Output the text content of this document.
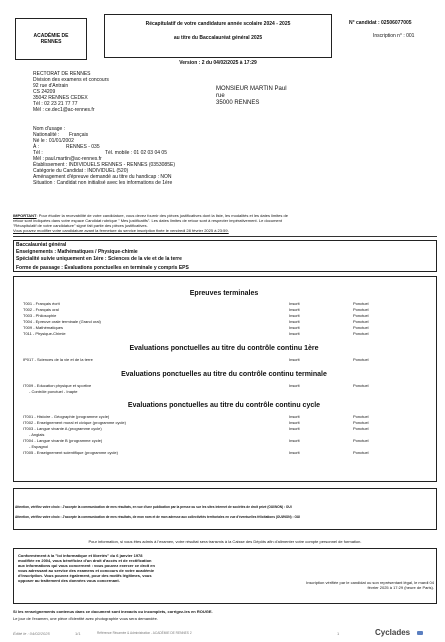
ACADÉMIE DE
RENNES
Récapitulatif de votre candidature année scolaire 2024 - 2025
au titre du Baccalauréat général 2025
Version : 2 du 04/02/2025 à 17:29
N° candidat : 02506077005
Inscription n° : 001
RECTORAT DE RENNES
Division des examens et concours
92 rue d'Antrain
CS 24209
35042 RENNES CEDEX
Tél : 02 23 21 77 77
Mél : ce.dec1@ac-rennes.fr
MONSIEUR MARTIN Paul
rue
35000 RENNES
Nom d'usage :
Nationalité : Français
Né le : 01/01/2002
À :	RENNES - 035
Tél :	Tél. mobile : 01 02 03 04 05
Mél : paul.martin@ac-rennes.fr
Établissement : INDIVIDUELS RENNES - RENNES (0353085E)
Catégorie du Candidat : INDIVIDUEL (520)
Aménagement d'épreuve demandé au titre du handicap : NON
Situation : Candidat non initialisé avec les informations de 1ère
IMPORTANT: Pour étudier la recevabilité de votre candidature, vous devez fournir des pièces justificatives dont la liste, les modalités et les dates limites de
retour sont indiquées dans votre espace Candidat rubrique " Mes justificatifs". Les dates limites de retour sont à respecter impérativement. Le document
"Récapitulatif de votre candidature" signé fait partie des pièces justificatives.
Vous pouvez modifier votre candidature avant la fermeture du service inscription fixée le vendredi 28 février 2025 à 23:59.
Baccalauréat général
Enseignements : Mathématiques / Physique-chimie
Spécialité suivie uniquement en 1ère : Sciences de la vie et de la terre
Forme de passage : Évaluations ponctuelles en terminale y compris EPS
Epreuves terminales
T001 - Français écrit	Inscrit	Ponctuel
T002 - Français oral	Inscrit	Ponctuel
T003 - Philosophie	Inscrit	Ponctuel
T004 - Epreuve orale terminale (Grand oral)	Inscrit	Ponctuel
T009 - Mathématiques	Inscrit	Ponctuel
T011 - Physique-Chimie	Inscrit	Ponctuel
Evaluations ponctuelles au titre du contrôle continu 1ère
IP017 - Sciences de la vie et de la terre	Inscrit	Ponctuel
Evaluations ponctuelles au titre du contrôle continu terminale
IT009 - Education physique et sportive	Inscrit	Ponctuel
- Contrôle ponctuel - Inapte
Evaluations ponctuelles au titre du contrôle continu cycle
IT001 - Histoire - Géographie (programme cycle)	Inscrit	Ponctuel
IT002 - Enseignement moral et civique (programme cycle)	Inscrit	Ponctuel
IT003 - Langue vivante A (programme cycle)	Inscrit	Ponctuel
- Anglais
IT004 - Langue vivante B (programme cycle)	Inscrit	Ponctuel
- Espagnol
IT005 - Enseignement scientifique (programme cycle)	Inscrit	Ponctuel
Attention, vérifiez votre choix : J'accepte la communication de mes résultats, en vue d'une publication par la presse ou sur les sites internet de sociétés de droit privé (OUI/NON) : OUI
Attention, vérifiez votre choix : J'accepte la communication de mes résultats, de mon nom et de mon adresse aux collectivités territoriales en vue d'éventuelles félicitations (OUI/NON) : OUI
Pour information, si vous êtes admis à l'examen, votre résultat sera transmis à la Caisse des Dépôts afin d'alimenter votre compte personnel de formation.
Conformément à la "loi informatique et libertés" du 6 janvier 1978
modifiée en 2004, vous bénéficiez d'un droit d'accès et de rectification
aux informations qui vous concernent : vous pouvez exercer ce droit en
vous adressant au service des examens et concours de votre académie
d'inscription. Vous pouvez également, pour des motifs légitimes, vous
opposer au traitement des données vous concernant.	Inscription vérifiée par le candidat ou son représentant légal, le mardi 04
février 2025 à 17:29 (heure de Paris).
Si les renseignements contenus dans ce document sont inexacts ou incomplets, corrigez-les en ROUGE.
Le jour de l'examen, une pièce d'identité avec photographie vous sera demandée.
Édité le : 04/02/2025	1/1	Référence Récamée & Administration - ACADÉMIE DE RENNES 2	1	Cyclades
